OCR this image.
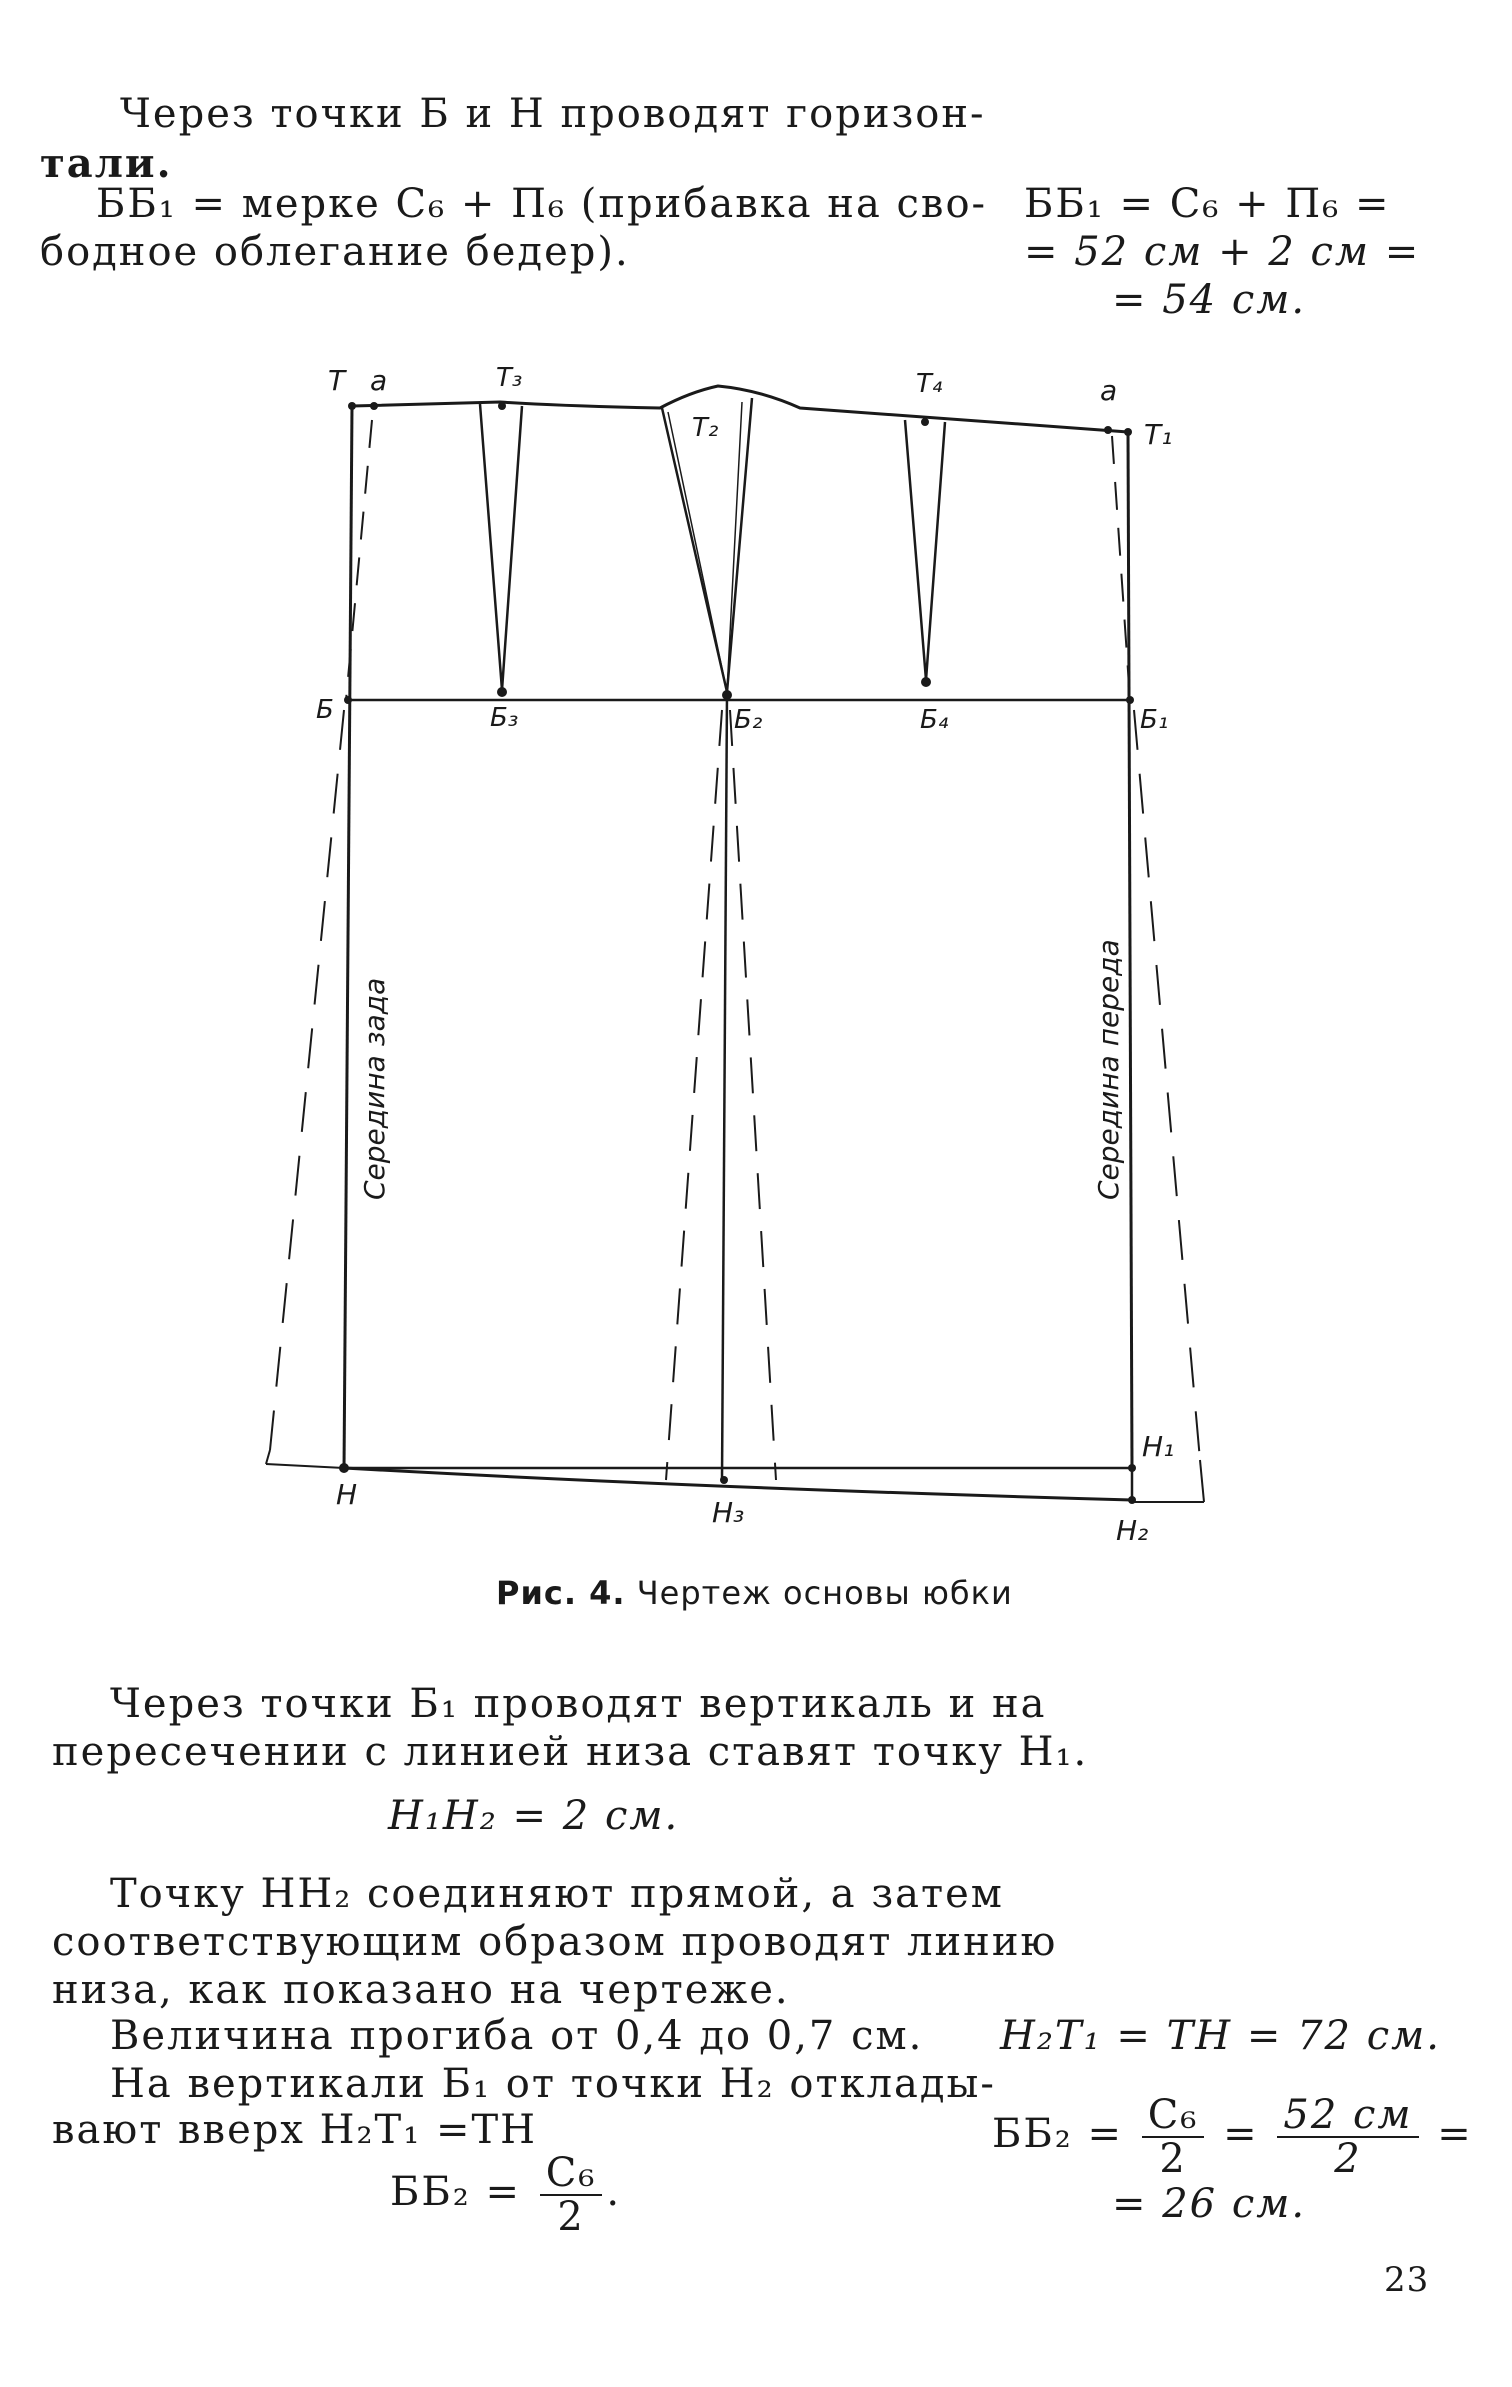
Через точки Б и Н проводят горизон-
тали.
ББ₁ = мерке С₆ + П₆ (прибавка на сво-
бодное облегание бедер).
ББ₁ = С₆ + П₆ =
= 52 см + 2 см =
= 54 см.
Т а	Т₃
Т₂
Т₄	а
Т₁
Б	Б₃	Б₂	Б₄	Б₁
Н
Н₃
Н₁
Н₂
Середина зада	Середина переда
Рис. 4. Чертеж основы юбки
Через точки Б₁ проводят вертикаль и на
пересечении с линией низа ставят точку Н₁.
Н₁Н₂ = 2 см.
Точку НН₂ соединяют прямой, а затем
соответствующим образом проводят линию
низа, как показано на чертеже.
Величина прогиба от 0,4 до 0,7 см.
На вертикали Б₁ от точки Н₂ отклады-
вают вверх Н₂Т₁ =ТН
$ББ_2 = \frac{\text{С₆}}{2}$ .
Н₂Т₁ = ТН = 72 см.
$ББ_2 = \frac{\text{С₆}}{2} = \frac{52 см}{2}$ =
= 26 см.
23
